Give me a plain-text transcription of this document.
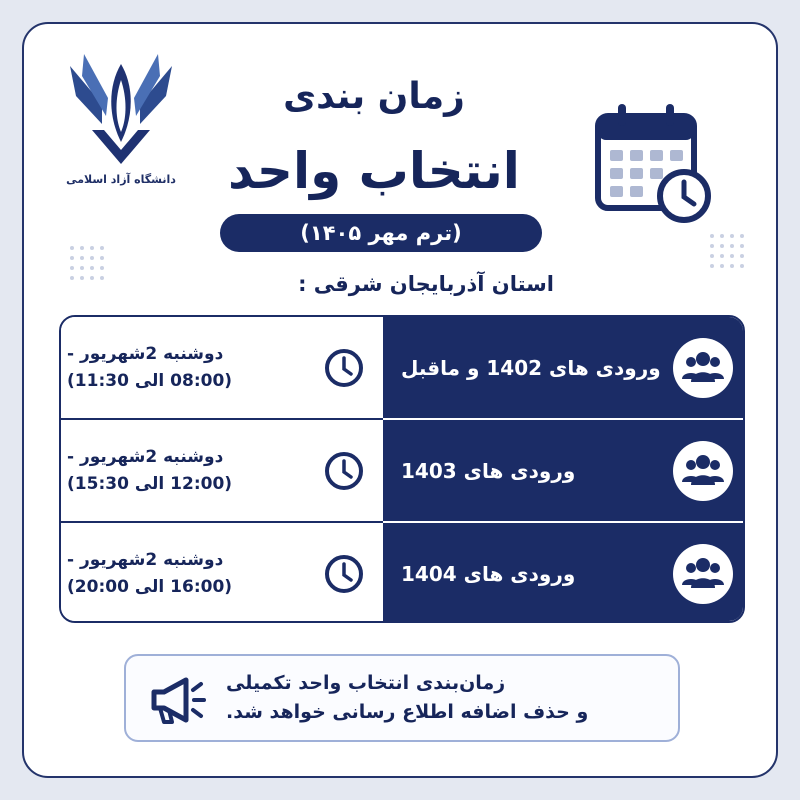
دانشگاه آزاد اسلامی
زمان بندی
انتخاب واحد
(ترم مهر ۱۴۰۵)
استان آذربایجان شرقی :
دوشنبه 2شهریور -
(08:00 الی 11:30)
ورودی های 1402 و ماقبل
دوشنبه 2شهریور -
(12:00 الی 15:30)
ورودی های 1403
دوشنبه 2شهریور -
(16:00 الی 20:00)
ورودی های 1404
زمان‌بندی انتخاب واحد تکمیلی
و حذف اضافه اطلاع رسانی خواهد شد.
